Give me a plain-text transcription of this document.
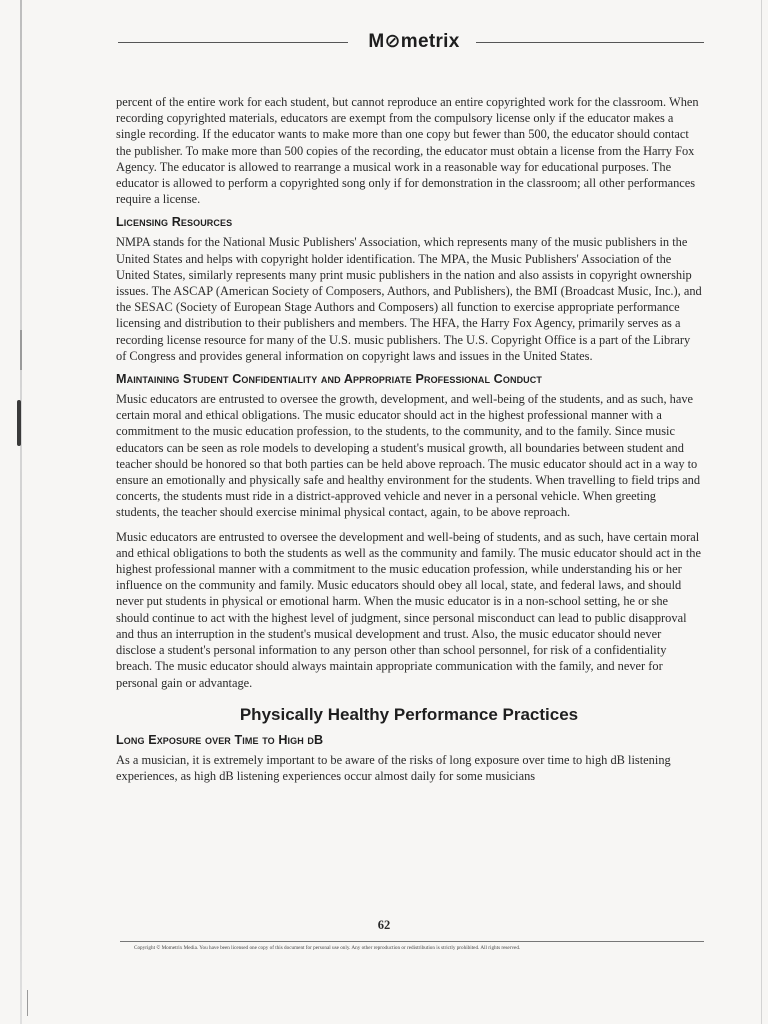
M⊘metrix

percent of the entire work for each student, but cannot reproduce an entire copyrighted work for the classroom. When recording copyrighted materials, educators are exempt from the compulsory license only if the educator makes a single recording. If the educator wants to make more than one copy but fewer than 500, the educator should contact the publisher. To make more than 500 copies of the recording, the educator must obtain a license from the Harry Fox Agency. The educator is allowed to rearrange a musical work in a reasonable way for educational purposes. The educator is allowed to perform a copyrighted song only if for demonstration in the classroom; all other performances require a license.

Licensing Resources

NMPA stands for the National Music Publishers' Association, which represents many of the music publishers in the United States and helps with copyright holder identification. The MPA, the Music Publishers' Association of the United States, similarly represents many print music publishers in the nation and also assists in copyright ownership issues. The ASCAP (American Society of Composers, Authors, and Publishers), the BMI (Broadcast Music, Inc.), and the SESAC (Society of European Stage Authors and Composers) all function to exercise appropriate performance licensing and distribution to their publishers and members. The HFA, the Harry Fox Agency, primarily serves as a recording license resource for many of the U.S. music publishers. The U.S. Copyright Office is a part of the Library of Congress and provides general information on copyright laws and issues in the United States.

Maintaining Student Confidentiality and Appropriate Professional Conduct

Music educators are entrusted to oversee the growth, development, and well-being of the students, and as such, have certain moral and ethical obligations. The music educator should act in the highest professional manner with a commitment to the music education profession, to the students, to the community, and to the family. Since music educators can be seen as role models to developing a student's musical growth, all boundaries between student and teacher should be honored so that both parties can be held above reproach. The music educator should act in a way to ensure an emotionally and physically safe and healthy environment for the students. When travelling to field trips and concerts, the students must ride in a district-approved vehicle and never in a personal vehicle. When greeting students, the teacher should exercise minimal physical contact, again, to be above reproach.

Music educators are entrusted to oversee the development and well-being of students, and as such, have certain moral and ethical obligations to both the students as well as the community and family. The music educator should act in the highest professional manner with a commitment to the music education profession, while understanding his or her influence on the community and family. Music educators should obey all local, state, and federal laws, and should never put students in physical or emotional harm. When the music educator is in a non-school setting, he or she should continue to act with the highest level of judgment, since personal misconduct can lead to public disapproval and thus an interruption in the student's musical development and trust. Also, the music educator should never disclose a student's personal information to any person other than school personnel, for risk of a confidentiality breach. The music educator should always maintain appropriate communication with the family, and never for personal gain or advantage.

Physically Healthy Performance Practices
Long Exposure over Time to High dB

As a musician, it is extremely important to be aware of the risks of long exposure over time to high dB listening experiences, as high dB listening experiences occur almost daily for some musicians

62
Copyright © Mometrix Media. You have been licensed one copy of this document for personal use only. Any other reproduction or redistribution is strictly prohibited. All rights reserved.
